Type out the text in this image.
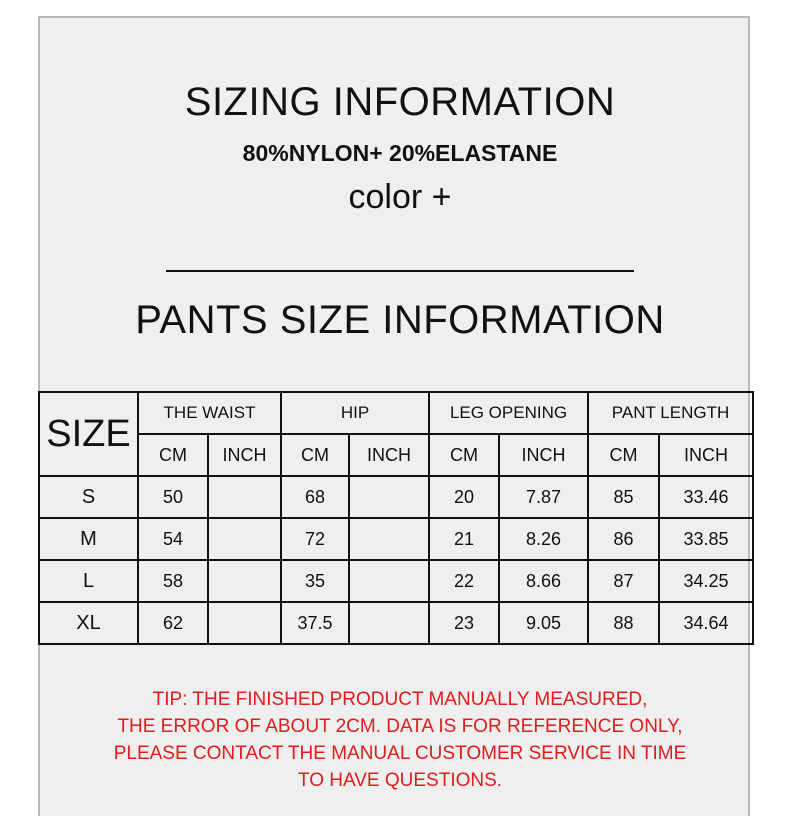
SIZING INFORMATION
80%NYLON+ 20%ELASTANE
color +
PANTS SIZE INFORMATION
SIZE	THE WAIST		HIP		LEG OPENING		PANT LENGTH	
	CM	INCH	CM	INCH	CM	INCH	CM	INCH
S	50		68		20	7.87	85	33.46
M	54		72		21	8.26	86	33.85
L	58		35		22	8.66	87	34.25
XL	62		37.5		23	9.05	88	34.64
TIP: THE FINISHED PRODUCT MANUALLY MEASURED,
THE ERROR OF ABOUT 2CM. DATA IS FOR REFERENCE ONLY,
PLEASE CONTACT THE MANUAL CUSTOMER SERVICE IN TIME
TO HAVE QUESTIONS.
